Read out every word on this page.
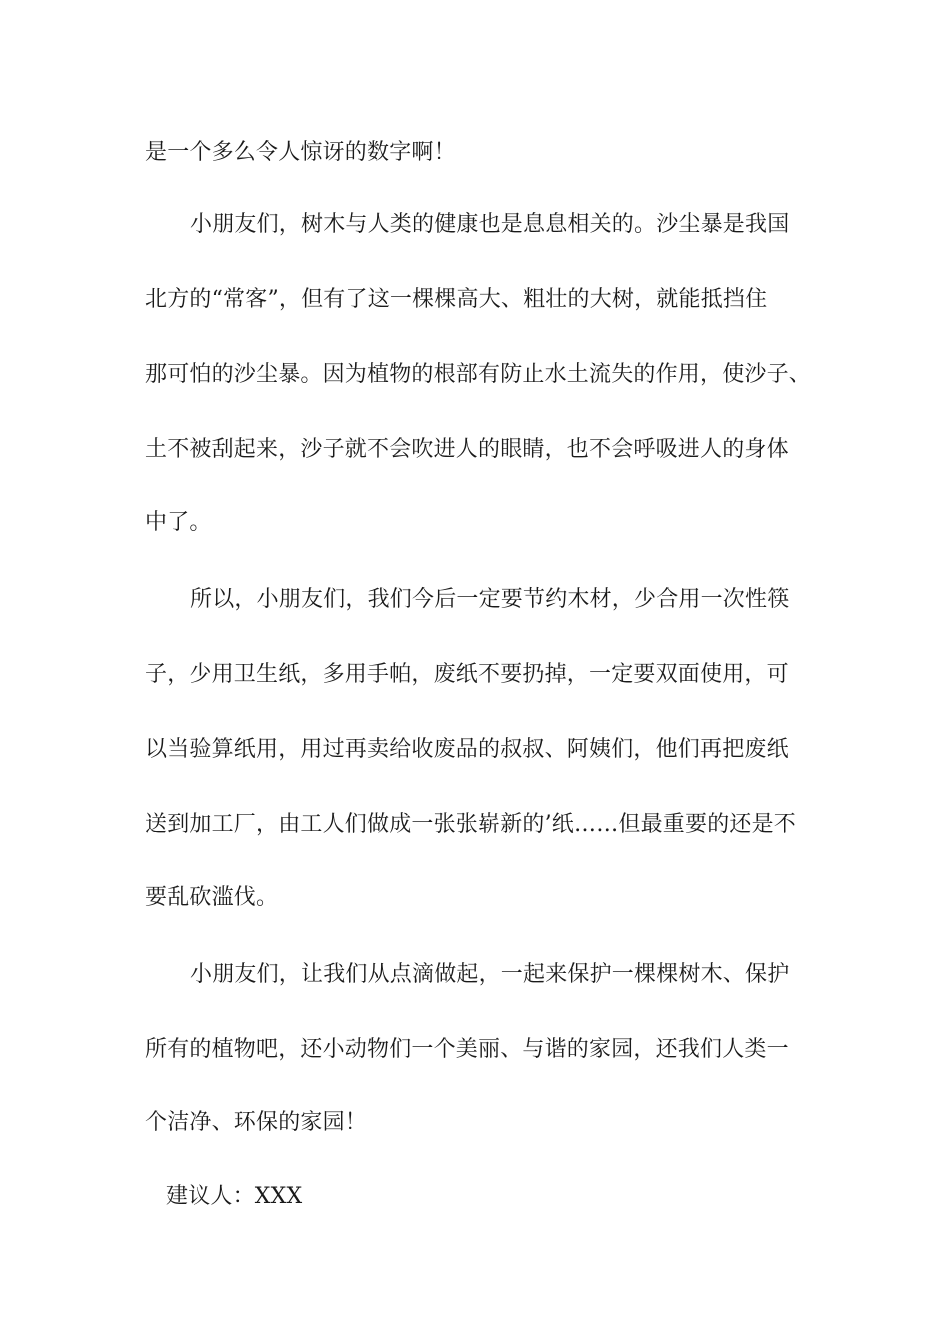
是一个多么令人惊讶的数字啊！
小朋友们，树木与人类的健康也是息息相关的。沙尘暴是我国
北方的“常客”，但有了这一棵棵高大、粗壮的大树，就能抵挡住
那可怕的沙尘暴。因为植物的根部有防止水土流失的作用，使沙子、
土不被刮起来，沙子就不会吹进人的眼睛，也不会呼吸进人的身体
中了。
所以，小朋友们，我们今后一定要节约木材，少合用一次性筷
子，少用卫生纸，多用手帕，废纸不要扔掉，一定要双面使用，可
以当验算纸用，用过再卖给收废品的叔叔、阿姨们，他们再把废纸
送到加工厂，由工人们做成一张张崭新的’纸……但最重要的还是不
要乱砍滥伐。
小朋友们，让我们从点滴做起，一起来保护一棵棵树木、保护
所有的植物吧，还小动物们一个美丽、与谐的家园，还我们人类一
个洁净、环保的家园！
建议人：XXX
